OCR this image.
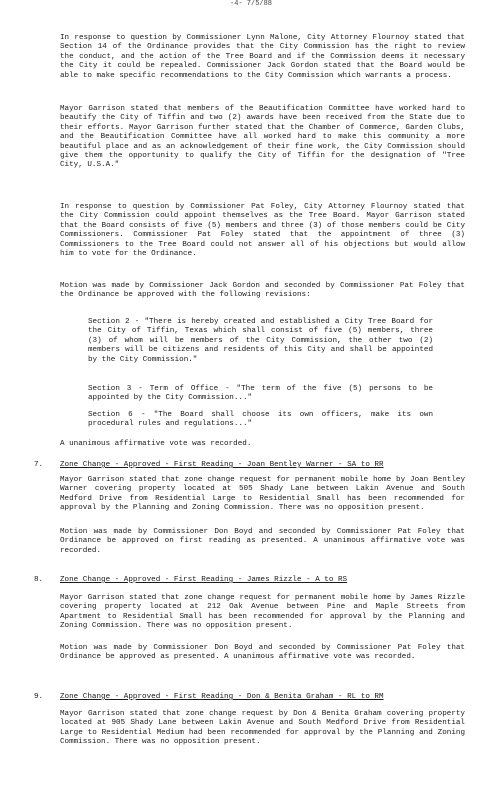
-4- 7/5/88
In response to question by Commissioner Lynn Malone, City Attorney Flournoy stated that Section 14 of the Ordinance provides that the City Commission has the right to review the conduct, and the action of the Tree Board and if the Commission deems it necessary the City it could be repealed. Commissioner Jack Gordon stated that the Board would be able to make specific recommendations to the City Commission which warrants a process.
Mayor Garrison stated that members of the Beautification Committee have worked hard to beautify the City of Tiffin and two (2) awards have been received from the State due to their efforts. Mayor Garrison further stated that the Chamber of Commerce, Garden Clubs, and the Beautification Committee have all worked hard to make this community a more beautiful place and as an acknowledgement of their fine work, the City Commission should give them the opportunity to qualify the City of Tiffin for the designation of "Tree City, U.S.A."
In response to question by Commissioner Pat Foley, City Attorney Flournoy stated that the City Commission could appoint themselves as the Tree Board. Mayor Garrison stated that the Board consists of five (5) members and three (3) of those members could be City Commissioners. Commissioner Pat Foley stated that the appointment of three (3) Commissioners to the Tree Board could not answer all of his objections but would allow him to vote for the Ordinance.
Motion was made by Commissioner Jack Gordon and seconded by Commissioner Pat Foley that the Ordinance be approved with the following revisions:
Section 2 - "There is hereby created and established a City Tree Board for the City of Tiffin, Texas which shall consist of five (5) members, three (3) of whom will be members of the City Commission, the other two (2) members will be citizens and residents of this City and shall be appointed by the City Commission."
Section 3 - Term of Office - "The term of the five (5) persons to be appointed by the City Commission..."
Section 6 - "The Board shall choose its own officers, make its own procedural rules and regulations..."
A unanimous affirmative vote was recorded.
7. Zone Change - Approved - First Reading - Joan Bentley Warner - SA to RR
Mayor Garrison stated that zone change request for permanent mobile home by Joan Bentley Warner covering property located at 505 Shady Lane between Lakin Avenue and South Medford Drive from Residential Large to Residential Small has been recommended for approval by the Planning and Zoning Commission. There was no opposition present.
Motion was made by Commissioner Don Boyd and seconded by Commissioner Pat Foley that Ordinance be approved on first reading as presented. A unanimous affirmative vote was recorded.
8. Zone Change - Approved - First Reading - James Rizzle - A to RS
Mayor Garrison stated that zone change request for permanent mobile home by James Rizzle covering property located at 212 Oak Avenue between Pine and Maple Streets from Apartment to Residential Small has been recommended for approval by the Planning and Zoning Commission. There was no opposition present.
Motion was made by Commissioner Don Boyd and seconded by Commissioner Pat Foley that Ordinance be approved as presented. A unanimous affirmative vote was recorded.
9. Zone Change - Approved - First Reading - Don & Benita Graham - RL to RM
Mayor Garrison stated that zone change request by Don & Benita Graham covering property located at 905 Shady Lane between Lakin Avenue and South Medford Drive from Residential Large to Residential Medium had been recommended for approval by the Planning and Zoning Commission. There was no opposition present.
